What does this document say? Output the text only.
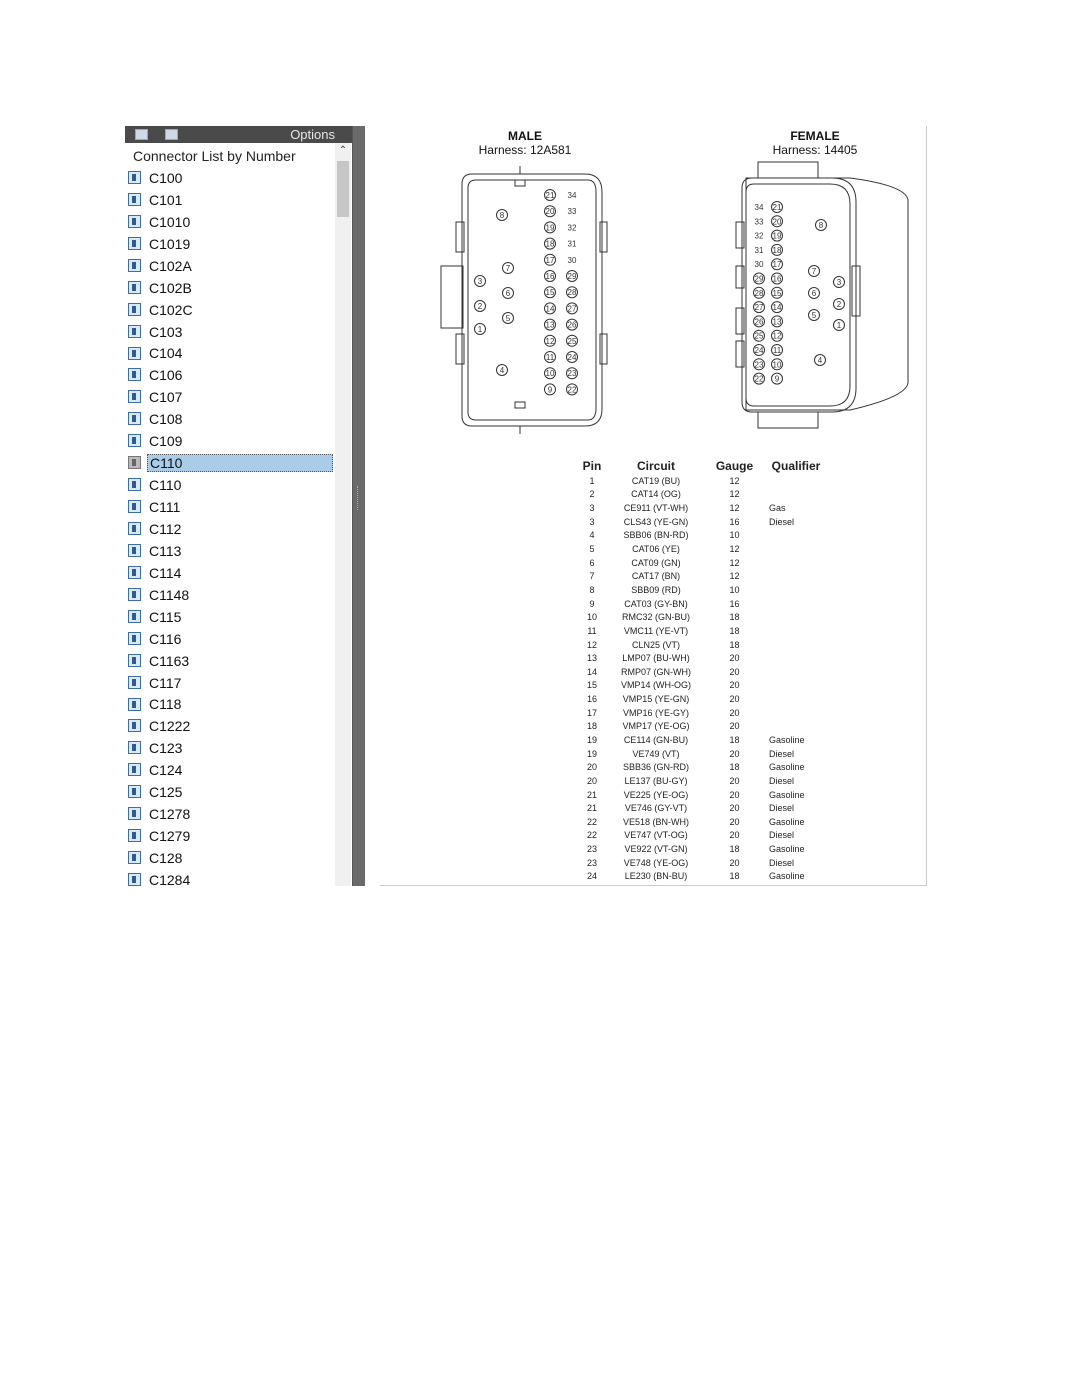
Options
Connector List by Number
C100
C101
C1010
C1019
C102A
C102B
C102C
C103
C104
C106
C107
C108
C109
C110
C110
C111
C112
C113
C114
C1148
C115
C116
C1163
C117
C118
C1222
C123
C124
C125
C1278
C1279
C128
C1284
⌃
MALE
Harness: 12A581
FEMALE
Harness: 14405
21
20
19
18
17
16
15
14
13
12
11
10
9
34
33
32
31
30
29
28
27
26
25
24
23
22
8
7
6
5
3
2
1
4
34
33
32
31
30
29
28
27
26
25
24
23
22
21
20
19
18
17
16
15
14
13
12
11
10
9
8
7
6
5
3
2
1
4
Pin	Circuit	Gauge	Qualifier
1	CAT19 (BU)	12	
2	CAT14 (OG)	12	
3	CE911 (VT-WH)	12	Gas
3	CLS43 (YE-GN)	16	Diesel
4	SBB06 (BN-RD)	10	
5	CAT06 (YE)	12	
6	CAT09 (GN)	12	
7	CAT17 (BN)	12	
8	SBB09 (RD)	10	
9	CAT03 (GY-BN)	16	
10	RMC32 (GN-BU)	18	
11	VMC11 (YE-VT)	18	
12	CLN25 (VT)	18	
13	LMP07 (BU-WH)	20	
14	RMP07 (GN-WH)	20	
15	VMP14 (WH-OG)	20	
16	VMP15 (YE-GN)	20	
17	VMP16 (YE-GY)	20	
18	VMP17 (YE-OG)	20	
19	CE114 (GN-BU)	18	Gasoline
19	VE749 (VT)	20	Diesel
20	SBB36 (GN-RD)	18	Gasoline
20	LE137 (BU-GY)	20	Diesel
21	VE225 (YE-OG)	20	Gasoline
21	VE746 (GY-VT)	20	Diesel
22	VE518 (BN-WH)	20	Gasoline
22	VE747 (VT-OG)	20	Diesel
23	VE922 (VT-GN)	18	Gasoline
23	VE748 (YE-OG)	20	Diesel
24	LE230 (BN-BU)	18	Gasoline
